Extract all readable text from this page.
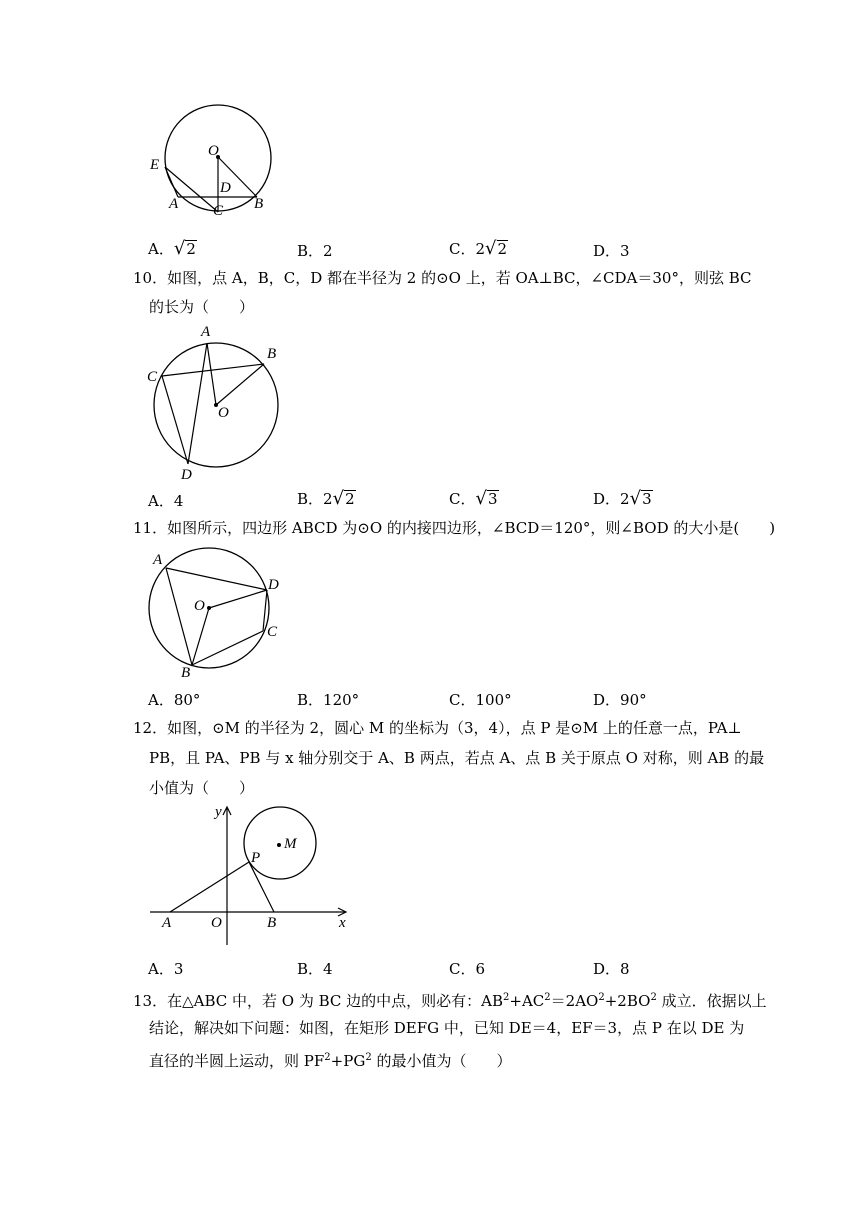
O
E
D
A	B
C
A．√2	B．2	C．2√2	D．3
10．如图，点 A，B，C，D 都在半径为 2 的⊙O 上，若 OA⊥BC，∠CDA＝30°，则弦 BC
的长为（　　）
A
B
C
O
D
A．4	B．2√2	C．√3	D．2√3
11．如图所示，四边形 ABCD 为⊙O 的内接四边形，∠BCD＝120°，则∠BOD 的大小是(　　)
A
D
O
C
B
A．80°	B．120°	C．100°	D．90°
12．如图，⊙M 的半径为 2，圆心 M 的坐标为（3，4），点 P 是⊙M 上的任意一点，PA⊥
PB，且 PA、PB 与 x 轴分别交于 A、B 两点，若点 A、点 B 关于原点 O 对称，则 AB 的最
小值为（　　）
y
M
P
A	O	B	x
A．3	B．4	C．6	D．8
13．在△ABC 中，若 O 为 BC 边的中点，则必有：$AB^2+AC^2=2AO^2+2BO^2$ 成立．依据以上
结论，解决如下问题：如图，在矩形 DEFG 中，已知 DE＝4，EF＝3，点 P 在以 DE 为
直径的半圆上运动，则 $PF^2+PG^2$ 的最小值为（　　）
